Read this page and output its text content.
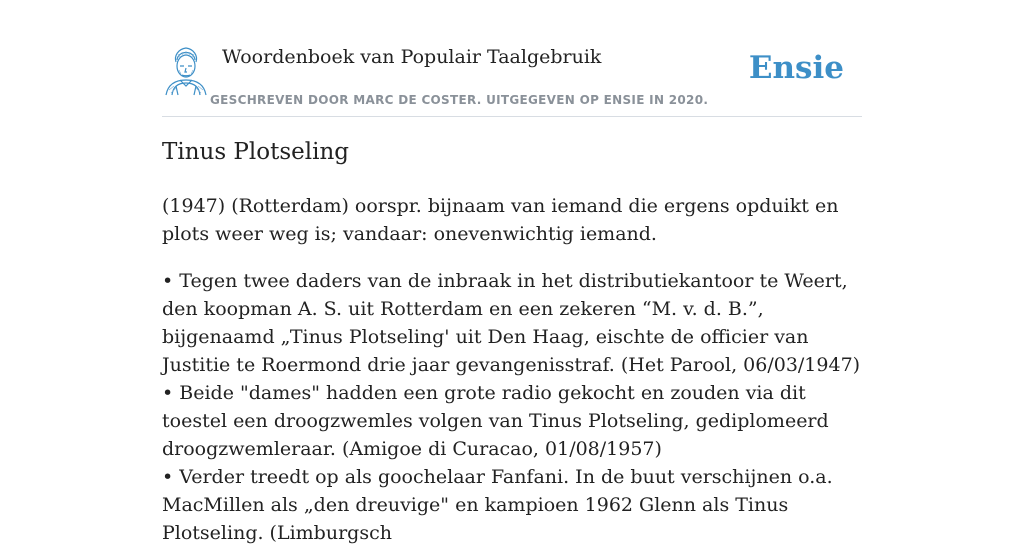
Woordenboek van Populair Taalgebruik
GESCHREVEN DOOR MARC DE COSTER. UITGEGEVEN OP ENSIE IN 2020.
Ensie
Tinus Plotseling
(1947) (Rotterdam) oorspr. bijnaam van iemand die ergens opduikt en plots weer weg is; vandaar: onevenwichtig iemand.

• Tegen twee daders van de inbraak in het distributiekantoor te Weert, den koopman A. S. uit Rotterdam en een zekeren “M. v. d. B.”, bijgenaamd „Tinus Plotseling' uit Den Haag, eischte de officier van Justitie te Roermond drie jaar gevangenisstraf. (Het Parool, 06/03/1947)

• Beide "dames" hadden een grote radio gekocht en zouden via dit toestel een droogzwemles volgen van Tinus Plotseling, gediplomeerd droogzwemleraar. (Amigoe di Curacao, 01/08/1957)

• Verder treedt op als goochelaar Fanfani. In de buut verschijnen o.a. MacMillen als „den dreuvige" en kampioen 1962 Glenn als Tinus Plotseling. (Limburgsch
